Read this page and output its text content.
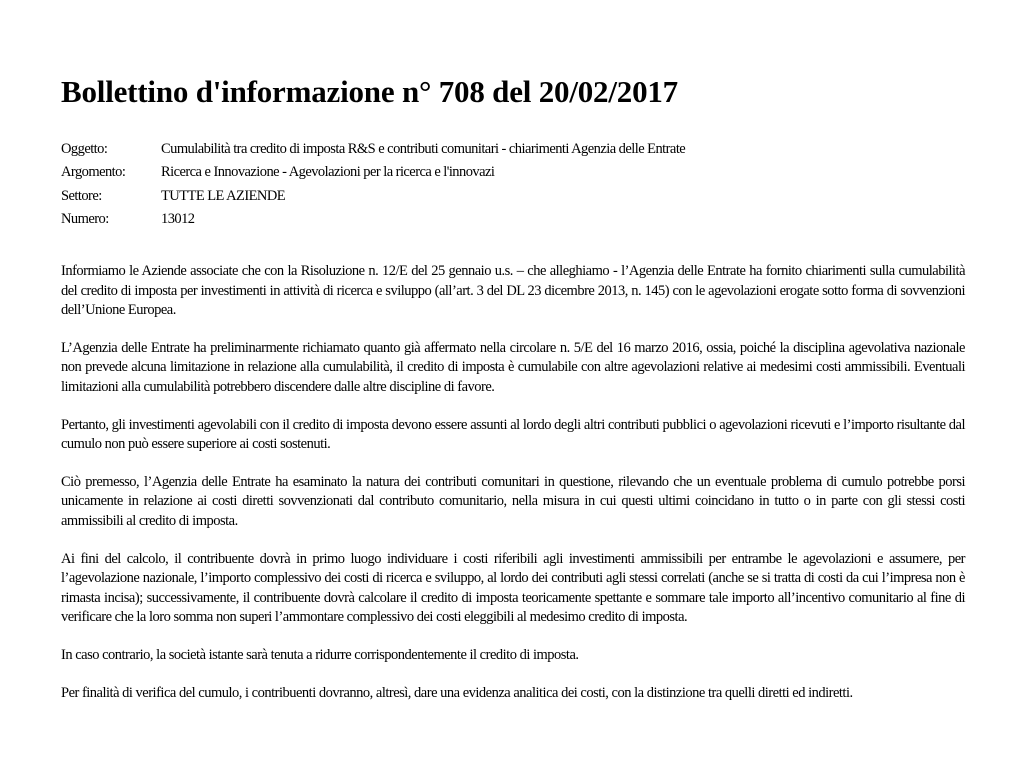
Bollettino d'informazione n° 708 del 20/02/2017
Oggetto:	Cumulabilità tra credito di imposta R&S e contributi comunitari - chiarimenti Agenzia delle Entrate
Argomento:	Ricerca e Innovazione - Agevolazioni per la ricerca e l'innovazi
Settore:	TUTTE LE AZIENDE
Numero:	13012

Informiamo le Aziende associate che con la Risoluzione n. 12/E del 25 gennaio u.s. – che alleghiamo - l’Agenzia delle Entrate ha fornito chiarimenti sulla cumulabilità del credito di imposta per investimenti in attività di ricerca e sviluppo (all’art. 3 del DL 23 dicembre 2013, n. 145) con le agevolazioni erogate sotto forma di sovvenzioni dell’Unione Europea.

L’Agenzia delle Entrate ha preliminarmente richiamato quanto già affermato nella circolare n. 5/E del 16 marzo 2016, ossia, poiché la disciplina agevolativa nazionale non prevede alcuna limitazione in relazione alla cumulabilità, il credito di imposta è cumulabile con altre agevolazioni relative ai medesimi costi ammissibili. Eventuali limitazioni alla cumulabilità potrebbero discendere dalle altre discipline di favore.

Pertanto, gli investimenti agevolabili con il credito di imposta devono essere assunti al lordo degli altri contributi pubblici o agevolazioni ricevuti e l’importo risultante dal cumulo non può essere superiore ai costi sostenuti.

Ciò premesso, l’Agenzia delle Entrate ha esaminato la natura dei contributi comunitari in questione, rilevando che un eventuale problema di cumulo potrebbe porsi unicamente in relazione ai costi diretti sovvenzionati dal contributo comunitario, nella misura in cui questi ultimi coincidano in tutto o in parte con gli stessi costi ammissibili al credito di imposta.

Ai fini del calcolo, il contribuente dovrà in primo luogo individuare i costi riferibili agli investimenti ammissibili per entrambe le agevolazioni e assumere, per l’agevolazione nazionale, l’importo complessivo dei costi di ricerca e sviluppo, al lordo dei contributi agli stessi correlati (anche se si tratta di costi da cui l’impresa non è rimasta incisa); successivamente, il contribuente dovrà calcolare il credito di imposta teoricamente spettante e sommare tale importo all’incentivo comunitario al fine di verificare che la loro somma non superi l’ammontare complessivo dei costi eleggibili al medesimo credito di imposta.

In caso contrario, la società istante sarà tenuta a ridurre corrispondentemente il credito di imposta.

Per finalità di verifica del cumulo, i contribuenti dovranno, altresì, dare una evidenza analitica dei costi, con la distinzione tra quelli diretti ed indiretti.
